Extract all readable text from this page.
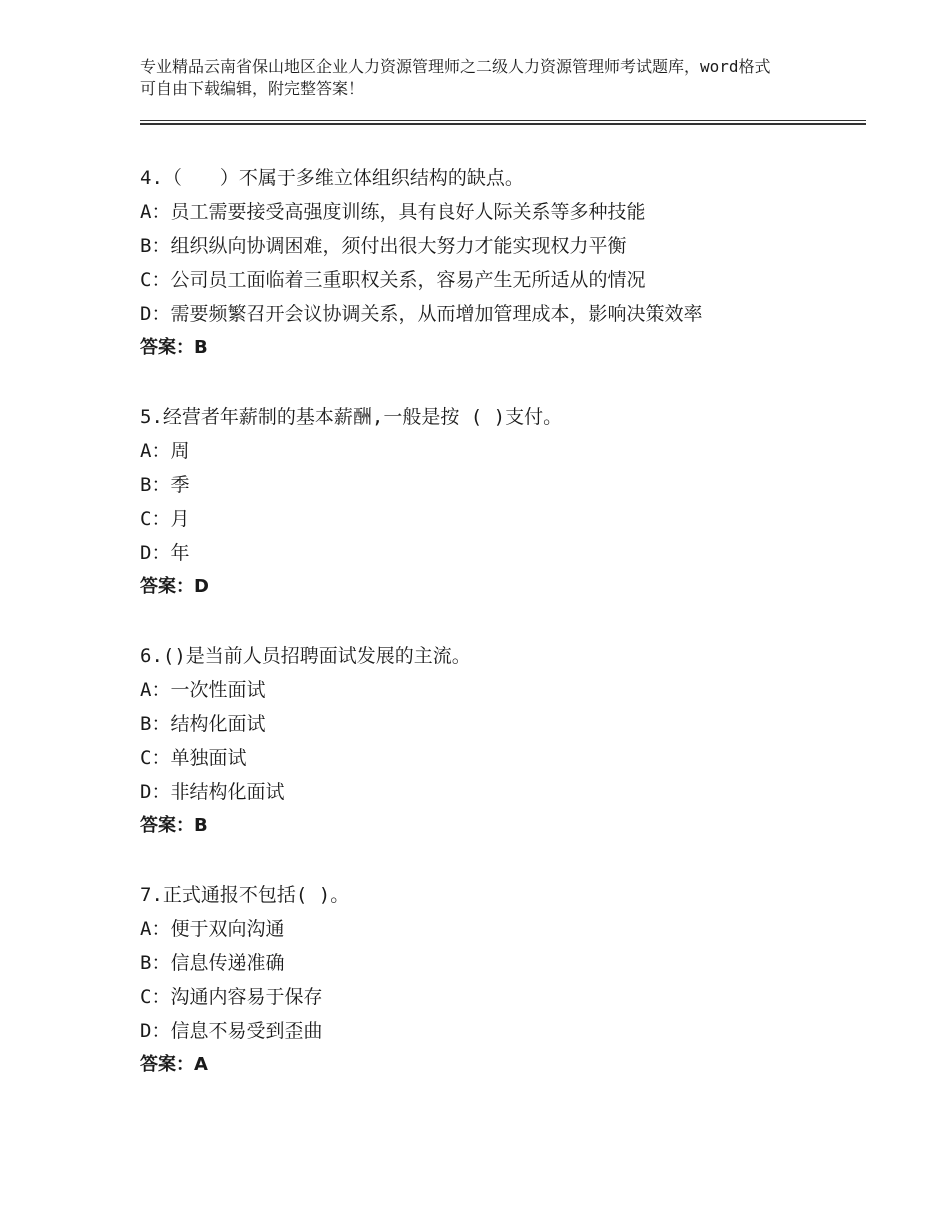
专业精品云南省保山地区企业人力资源管理师之二级人力资源管理师考试题库，word格式可自由下载编辑，附完整答案！
4.（　　）不属于多维立体组织结构的缺点。
A：员工需要接受高强度训练，具有良好人际关系等多种技能
B：组织纵向协调困难，须付出很大努力才能实现权力平衡
C：公司员工面临着三重职权关系，容易产生无所适从的情况
D：需要频繁召开会议协调关系，从而增加管理成本，影响决策效率
答案：B
5.经营者年薪制的基本薪酬,一般是按 ( )支付。
A：周
B：季
C：月
D：年
答案：D
6.()是当前人员招聘面试发展的主流。
A：一次性面试
B：结构化面试
C：单独面试
D：非结构化面试
答案：B
7.正式通报不包括( )。
A：便于双向沟通
B：信息传递准确
C：沟通内容易于保存
D：信息不易受到歪曲
答案：A
